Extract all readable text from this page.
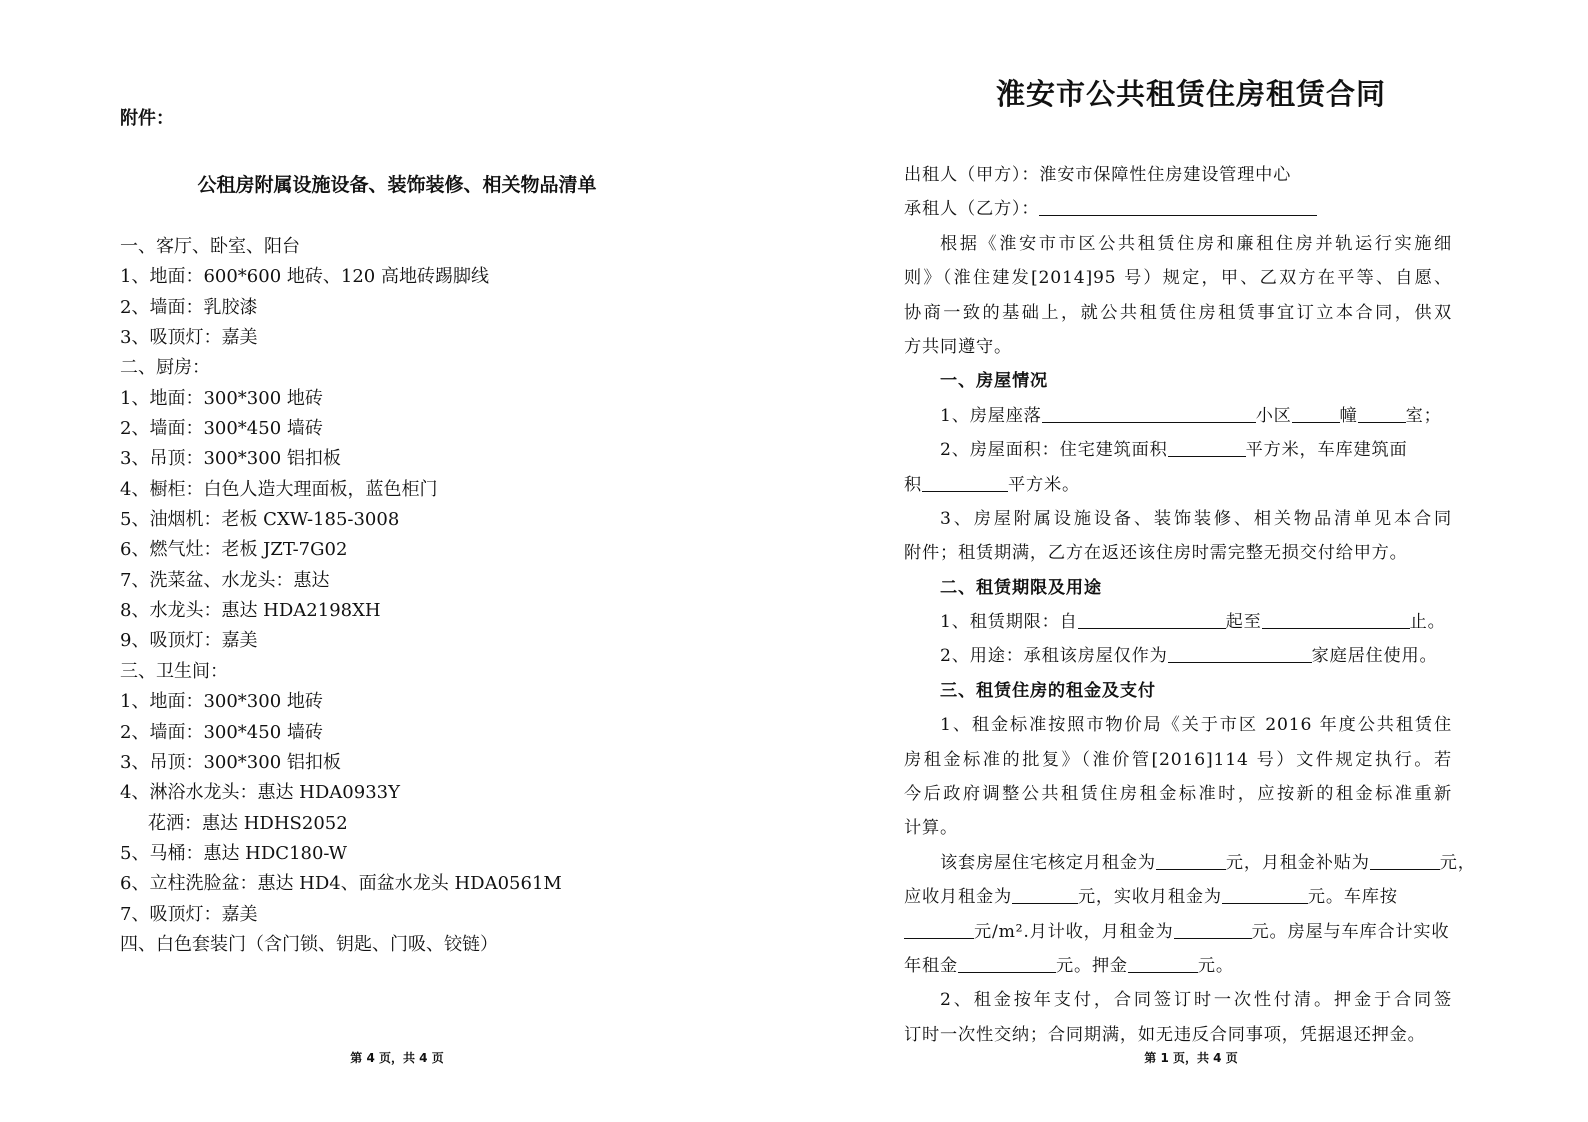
附件：
公租房附属设施设备、装饰装修、相关物品清单
一、客厅、卧室、阳台
1、地面：600*600 地砖、120 高地砖踢脚线
2、墙面：乳胶漆
3、吸顶灯：嘉美
二、厨房：
1、地面：300*300 地砖
2、墙面：300*450 墙砖
3、吊顶：300*300 铝扣板
4、橱柜：白色人造大理面板，蓝色柜门
5、油烟机：老板 CXW-185-3008
6、燃气灶：老板 JZT-7G02
7、洗菜盆、水龙头：惠达
8、水龙头：惠达 HDA2198XH
9、吸顶灯：嘉美
三、卫生间：
1、地面：300*300 地砖
2、墙面：300*450 墙砖
3、吊顶：300*300 铝扣板
4、淋浴水龙头：惠达 HDA0933Y
花洒：惠达 HDHS2052
5、马桶：惠达 HDC180-W
6、立柱洗脸盆：惠达 HD4、面盆水龙头 HDA0561M
7、吸顶灯：嘉美
四、白色套装门（含门锁、钥匙、门吸、铰链）
第 4 页，共 4 页
淮安市公共租赁住房租赁合同
出租人（甲方）：淮安市保障性住房建设管理中心
承租人（乙方）：
根据《淮安市市区公共租赁住房和廉租住房并轨运行实施细
则》（淮住建发[2014]95 号）规定，甲、乙双方在平等、自愿、
协商一致的基础上，就公共租赁住房租赁事宜订立本合同，供双
方共同遵守。
一、房屋情况
1、房屋座落	小区	幢	室；
2、房屋面积：住宅建筑面积	平方米，车库建筑面
积	平方米。
3、房屋附属设施设备、装饰装修、相关物品清单见本合同
附件；租赁期满，乙方在返还该住房时需完整无损交付给甲方。
二、租赁期限及用途
1、租赁期限：自	起至	止。
2、用途：承租该房屋仅作为	家庭居住使用。
三、租赁住房的租金及支付
1、租金标准按照市物价局《关于市区 2016 年度公共租赁住
房租金标准的批复》（淮价管[2016]114 号）文件规定执行。若
今后政府调整公共租赁住房租金标准时，应按新的租金标准重新
计算。
该套房屋住宅核定月租金为	元，月租金补贴为	元，
应收月租金为	元，实收月租金为	元。车库按
元/m².月计收，月租金为	元。房屋与车库合计实收
年租金	元。押金	元。
2、租金按年支付，合同签订时一次性付清。押金于合同签
订时一次性交纳；合同期满，如无违反合同事项，凭据退还押金。
第 1 页，共 4 页
